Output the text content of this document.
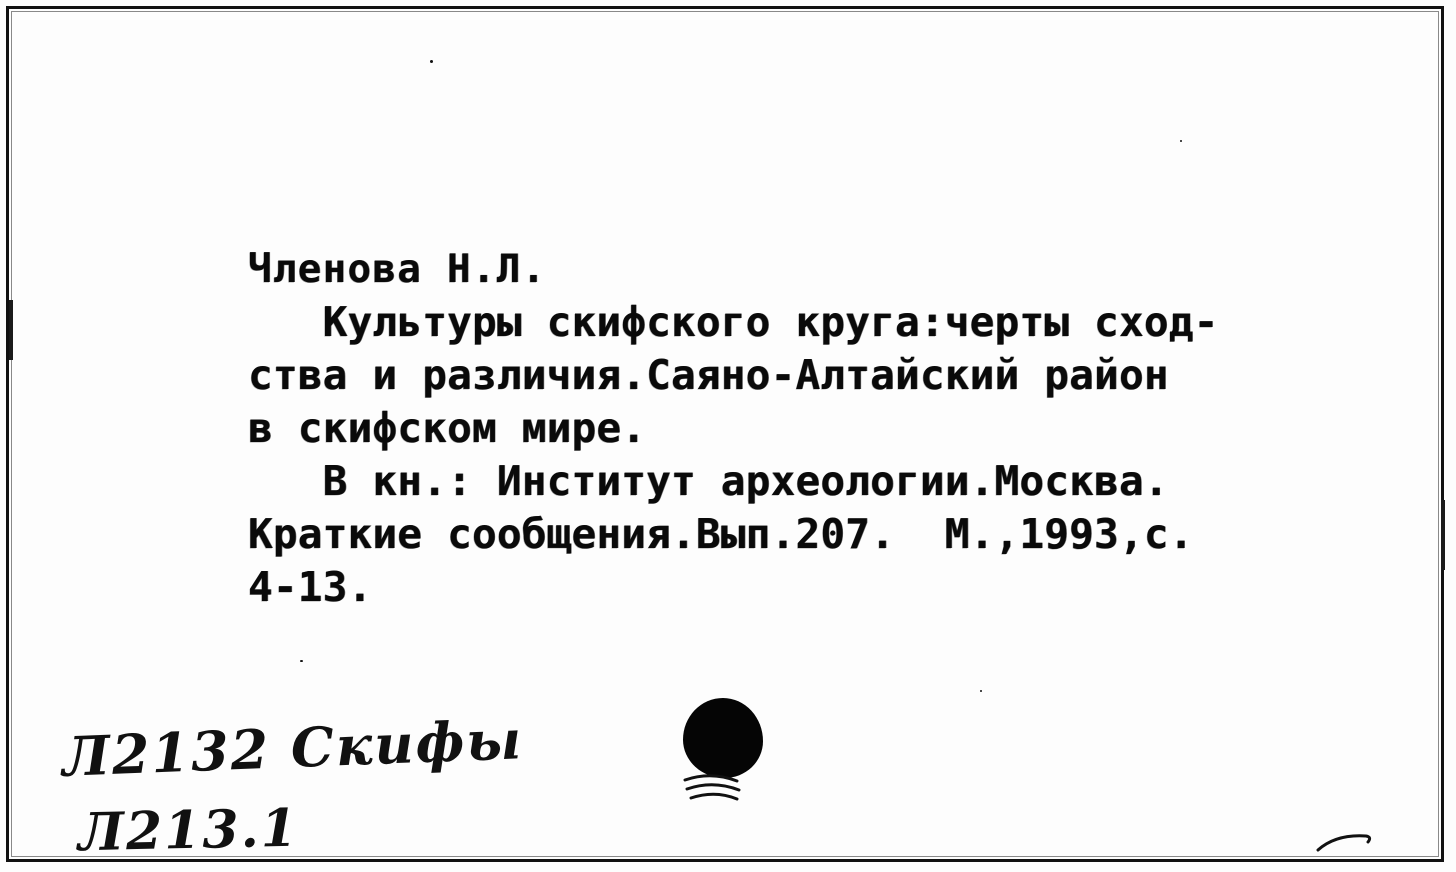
Членова Н.Л.
Культуры скифского круга:черты сход-
ства и различия.Саяно-Алтайский район
в скифском мире.
В кн.: Институт археологии.Москва.
Краткие сообщения.Вып.207.  М.,1993,с.
4-13.
Л2132 Скифы
Л213.1
